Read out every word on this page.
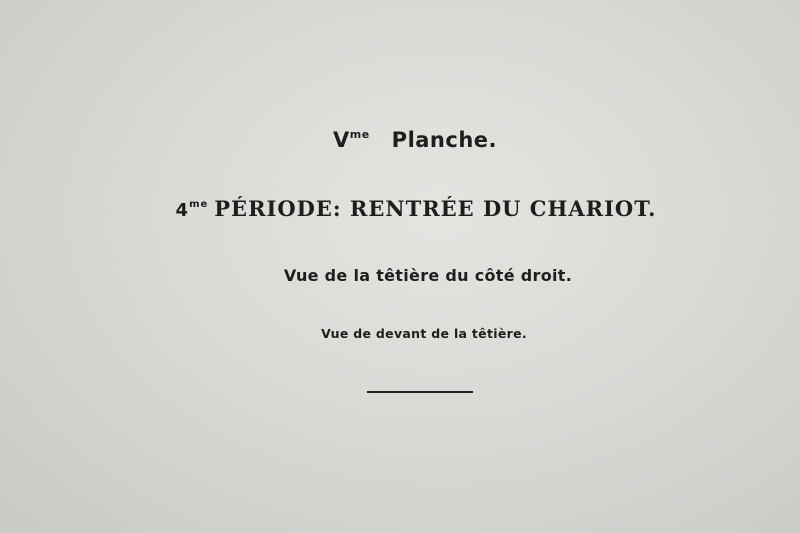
$V^{me}$ Planche.
$4^{me}$ PÉRIODE: RENTRÉE DU CHARIOT.
Vue de la têtière du côté droit.
Vue de devant de la têtière.
